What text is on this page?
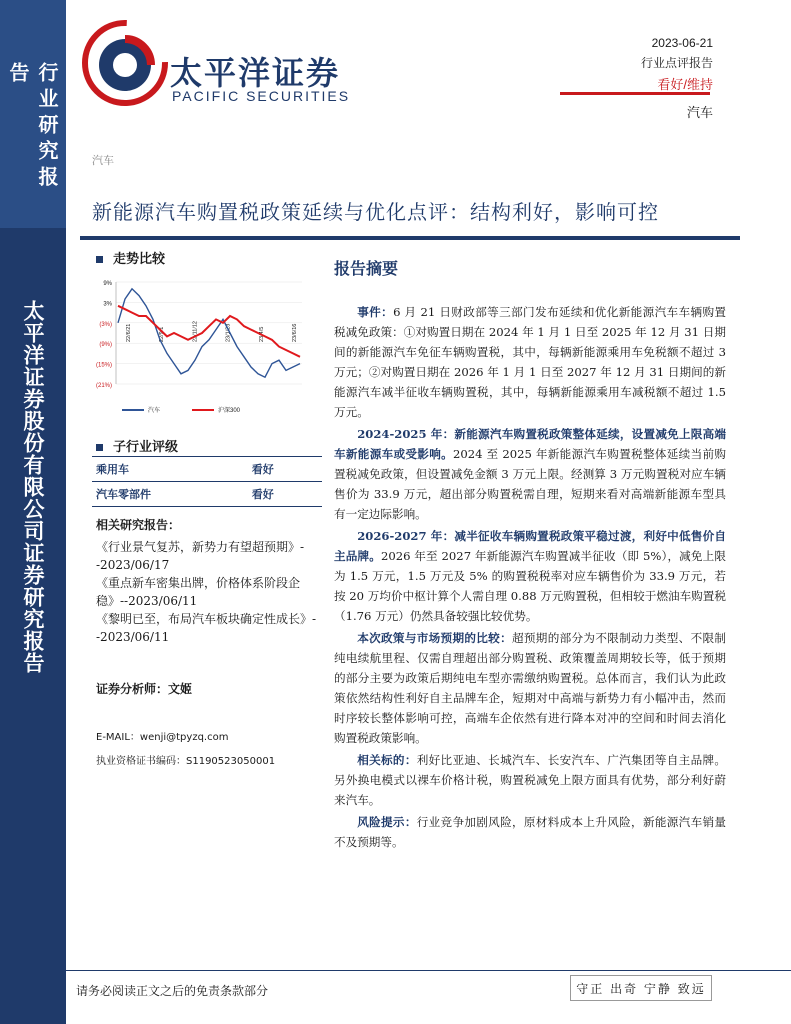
行业研究报告
太平洋证券股份有限公司证券研究报告
太平洋证券
PACIFIC SECURITIES
2023-06-21
行业点评报告
看好/维持
汽车
汽车
新能源汽车购置税政策延续与优化点评：结构利好，影响可控
走势比较
9%
3%
(3%)
(9%)
(15%)
(21%)
22/6/21	22/9/1	22/11/12	23/1/23	23/4/5	23/6/16
汽车	沪深300
子行业评级
乘用车	看好
汽车零部件	看好
相关研究报告：

《行业景气复苏，新势力有望超预期》--2023/06/17

《重点新车密集出牌，价格体系阶段企稳》--2023/06/11

《黎明已至，布局汽车板块确定性成长》--2023/06/11

证券分析师：文姬
E-MAIL：wenji@tpyzq.com
执业资格证书编码：S1190523050001
报告摘要

事件：6 月 21 日财政部等三部门发布延续和优化新能源汽车车辆购置税减免政策：①对购置日期在 2024 年 1 月 1 日至 2025 年 12 月 31 日期间的新能源汽车免征车辆购置税，其中，每辆新能源乘用车免税额不超过 3 万元；②对购置日期在 2026 年 1 月 1 日至 2027 年 12 月 31 日期间的新能源汽车减半征收车辆购置税，其中，每辆新能源乘用车减税额不超过 1.5 万元。

2024-2025 年：新能源汽车购置税政策整体延续，设置减免上限高端车新能源车或受影响。2024 至 2025 年新能源汽车购置税整体延续当前购置税减免政策，但设置减免金额 3 万元上限。经测算 3 万元购置税对应车辆售价为 33.9 万元，超出部分购置税需自理，短期来看对高端新能源车型具有一定边际影响。

2026-2027 年：减半征收车辆购置税政策平稳过渡，利好中低售价自主品牌。2026 年至 2027 年新能源汽车购置减半征收（即 5%），减免上限为 1.5 万元，1.5 万元及 5% 的购置税税率对应车辆售价为 33.9 万元，若按 20 万均价中枢计算个人需自理 0.88 万元购置税，但相较于燃油车购置税（1.76 万元）仍然具备较强比较优势。

本次政策与市场预期的比较：超预期的部分为不限制动力类型、不限制纯电续航里程、仅需自理超出部分购置税、政策覆盖周期较长等，低于预期的部分主要为政策后期纯电车型亦需缴纳购置税。总体而言，我们认为此政策依然结构性利好自主品牌车企，短期对中高端与新势力有小幅冲击，然而时序较长整体影响可控，高端车企依然有进行降本对冲的空间和时间去消化购置税政策影响。

相关标的：利好比亚迪、长城汽车、长安汽车、广汽集团等自主品牌。另外换电模式以裸车价格计税，购置税减免上限方面具有优势，部分利好蔚来汽车。

风险提示：行业竞争加剧风险，原材料成本上升风险，新能源汽车销量不及预期等。

请务必阅读正文之后的免责条款部分	守正 出奇 宁静 致远
